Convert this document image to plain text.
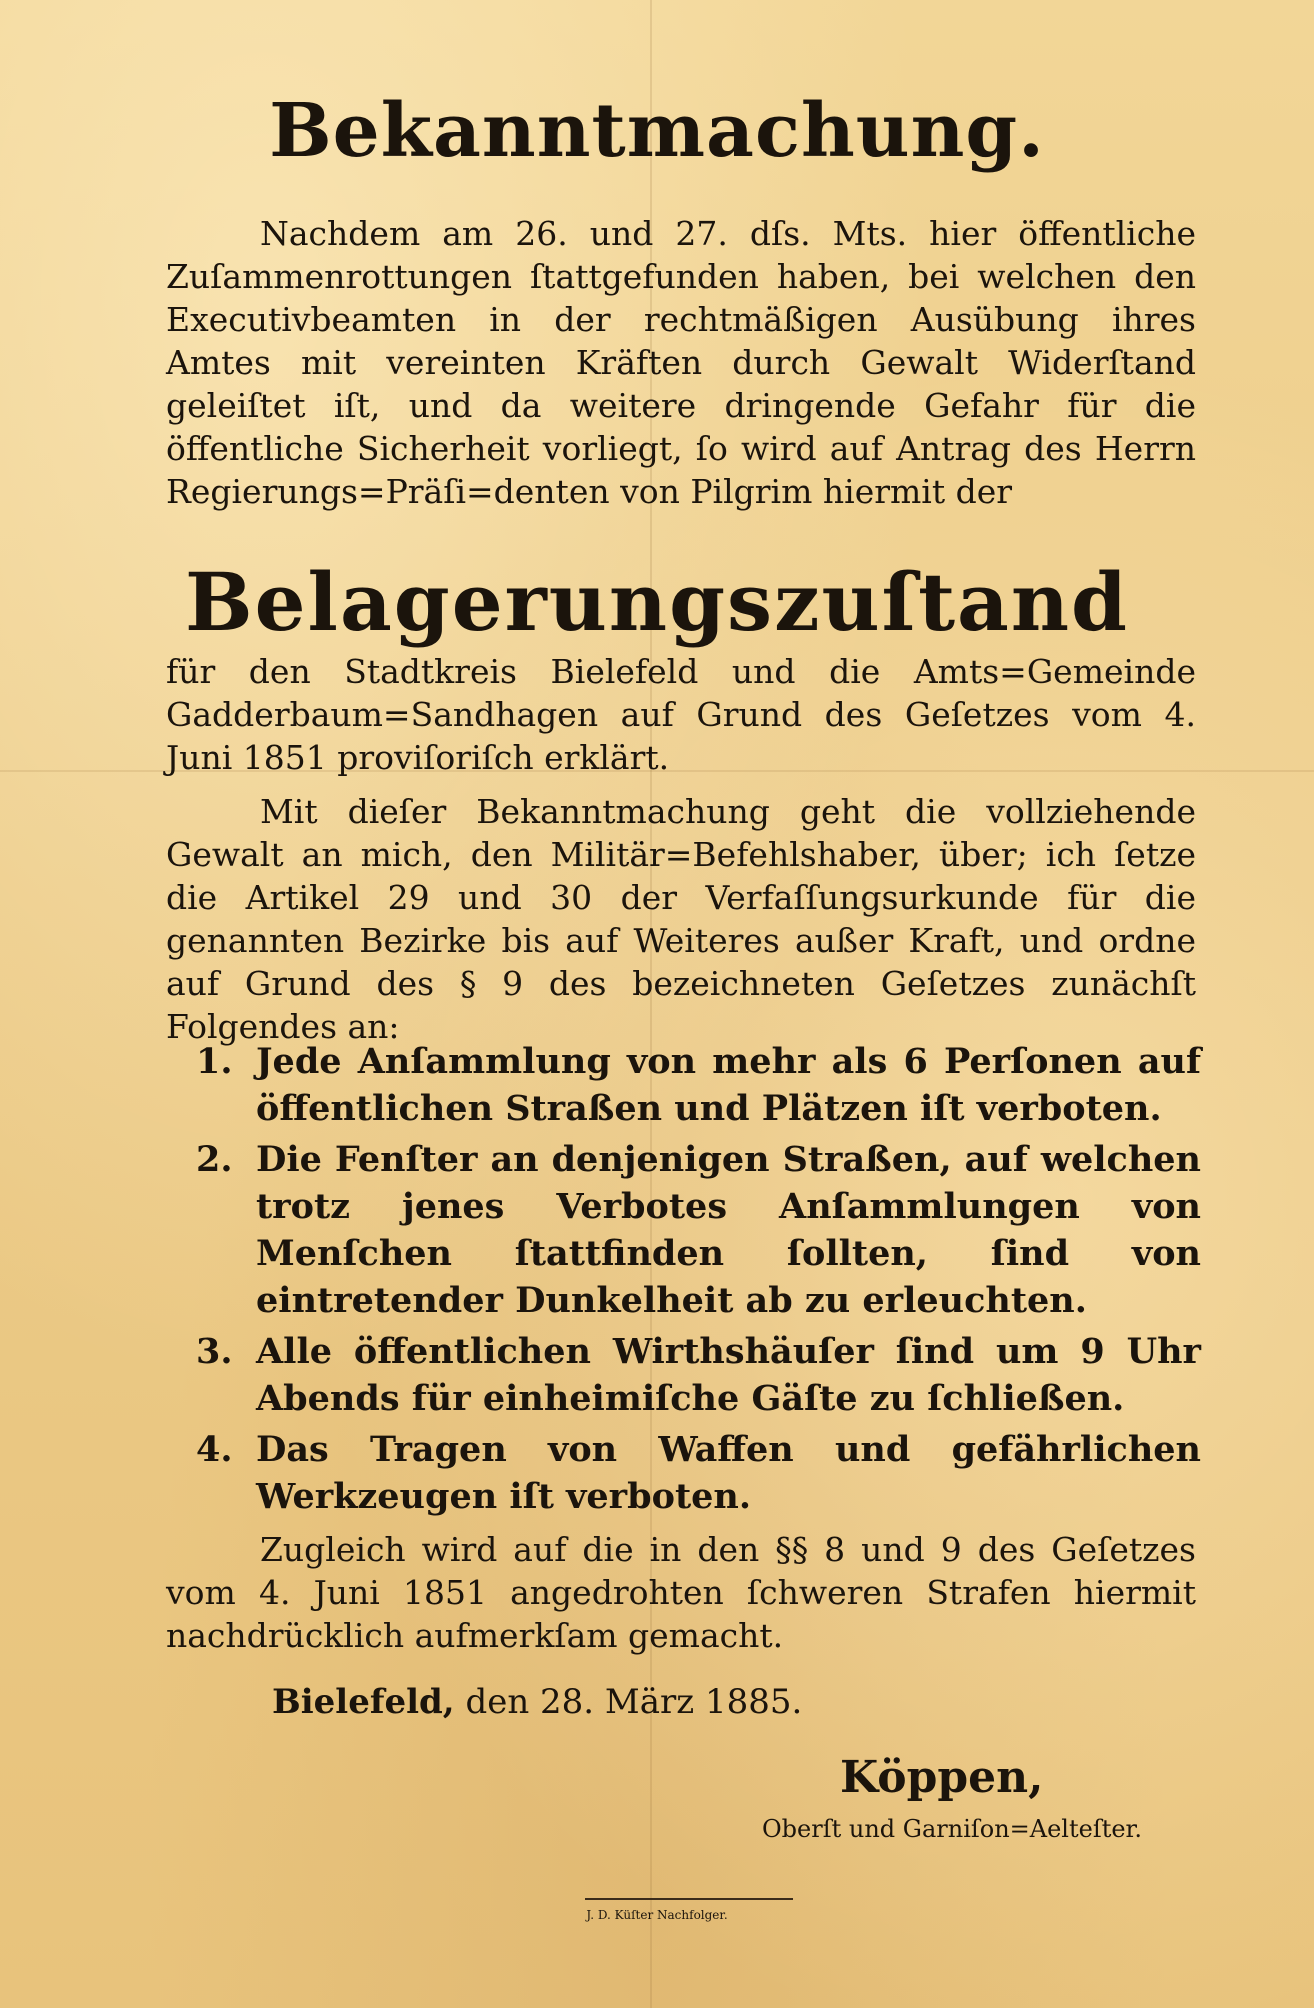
Bekanntmachung.

Nachdem am 26. und 27. dſs. Mts. hier öffentliche Zuſammenrottungen ſtattgefunden haben, bei welchen den Executivbeamten in der rechtmäßigen Ausübung ihres Amtes mit vereinten Kräften durch Gewalt Widerſtand geleiſtet iſt, und da weitere dringende Gefahr für die öffentliche Sicherheit vorliegt, ſo wird auf Antrag des Herrn Regierungs=Präſi=denten von Pilgrim hiermit der

Belagerungszuſtand

für den Stadtkreis Bielefeld und die Amts=Gemeinde Gadderbaum=Sandhagen auf Grund des Geſetzes vom 4. Juni 1851 proviſoriſch erklärt.

Mit dieſer Bekanntmachung geht die vollziehende Gewalt an mich, den Militär=Befehlshaber, über; ich ſetze die Artikel 29 und 30 der Verfaſſungsurkunde für die genannten Bezirke bis auf Weiteres außer Kraft, und ordne auf Grund des § 9 des bezeichneten Geſetzes zunächſt Folgendes an:

1. Jede Anſammlung von mehr als 6 Perſonen auf öffentlichen Straßen und Plätzen iſt verboten.
2. Die Fenſter an denjenigen Straßen, auf welchen trotz jenes Verbotes Anſammlungen von Menſchen ſtattfinden ſollten, ſind von eintretender Dunkelheit ab zu erleuchten.
3. Alle öffentlichen Wirthshäuſer ſind um 9 Uhr Abends für einheimiſche Gäſte zu ſchließen.
4. Das Tragen von Waffen und gefährlichen Werkzeugen iſt verboten.

Zugleich wird auf die in den §§ 8 und 9 des Geſetzes vom 4. Juni 1851 angedrohten ſchweren Strafen hiermit nachdrücklich aufmerkſam gemacht.

Bielefeld, den 28. März 1885.

Köppen,

Oberſt und Garniſon=Aelteſter.

J. D. Küſter Nachfolger.
